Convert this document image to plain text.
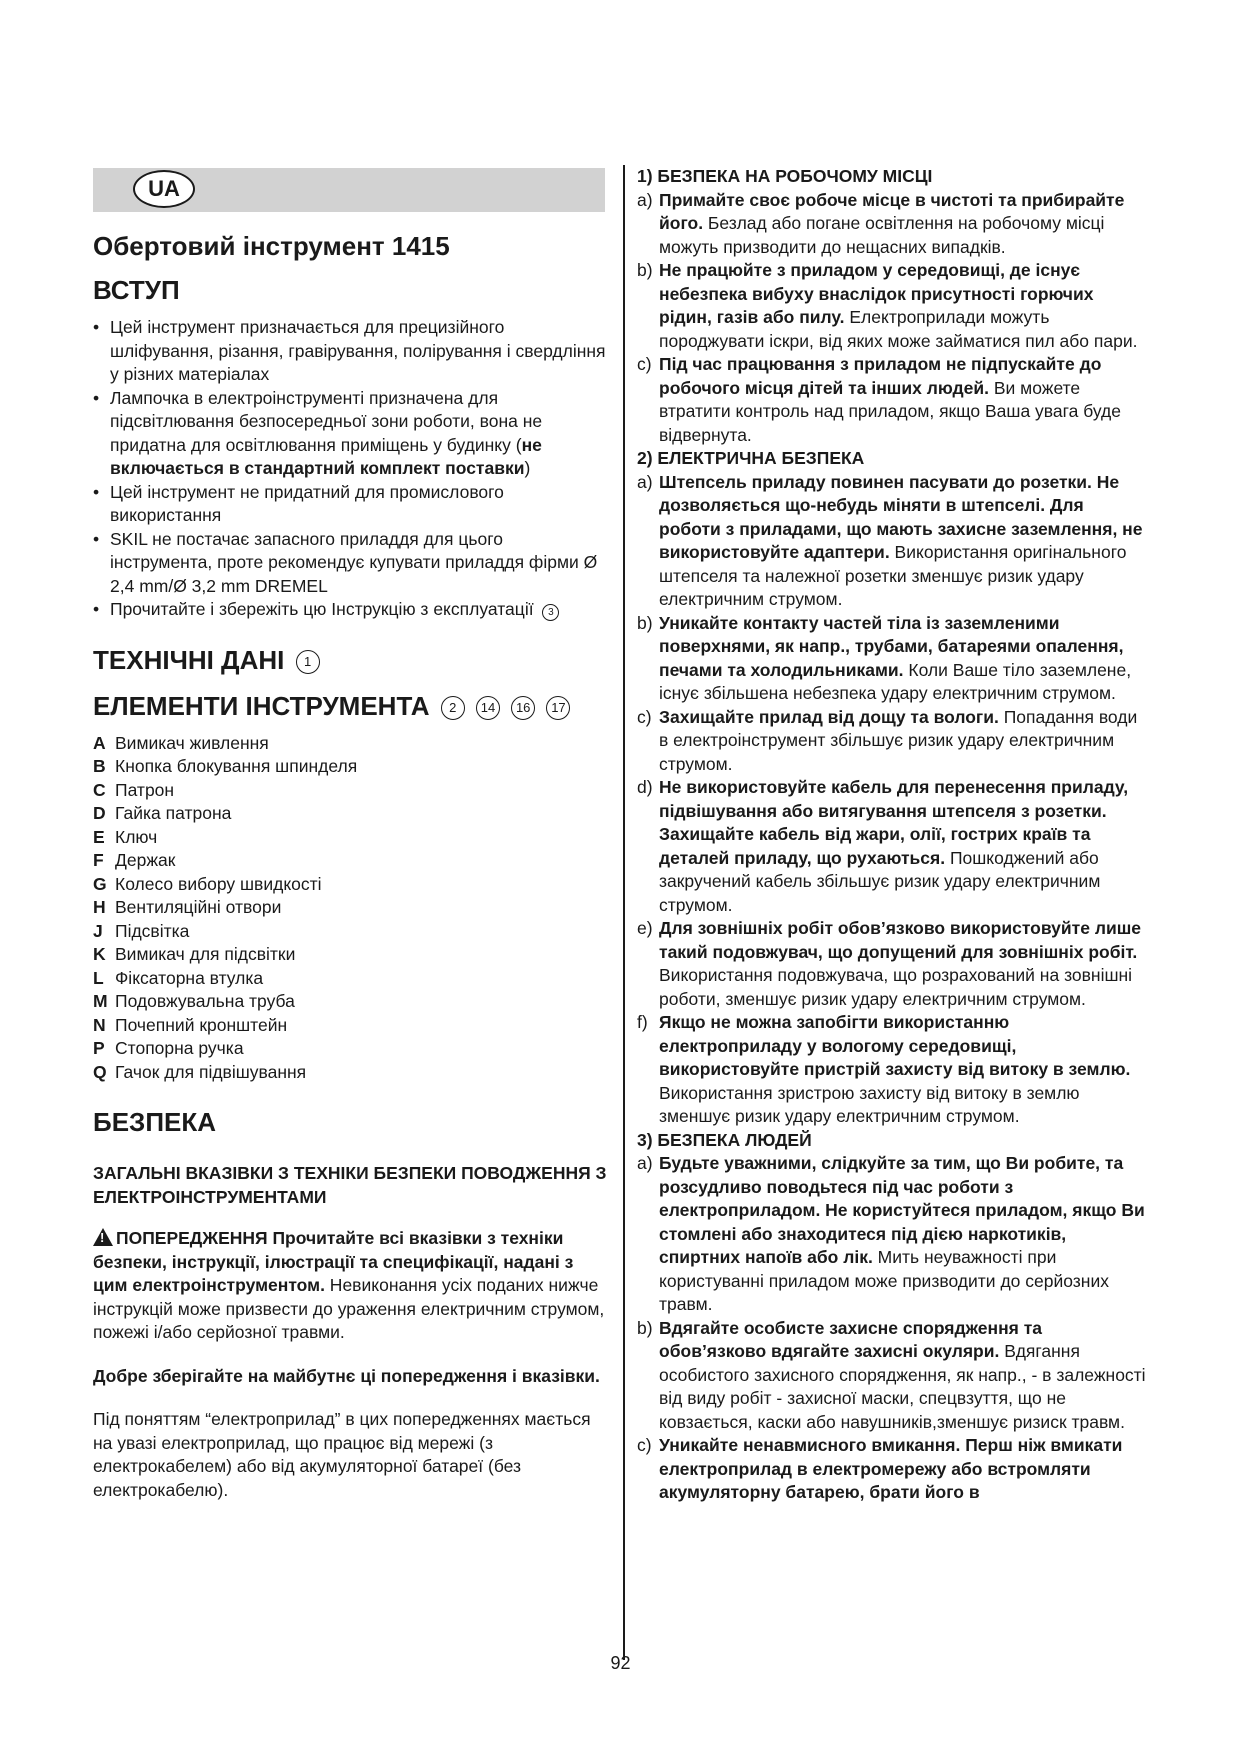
UA
Обертовий інструмент 1415
ВСТУП
• Цей інструмент призначається для прецизійного шліфування, різання, гравірування, полірування і свердління у різних матеріалах
• Лампочка в електроінструменті призначена для підсвітлювання безпосередньої зони роботи, вона не придатна для освітлювання приміщень у будинку (не включається в стандартний комплект поставки)
• Цей інструмент не придатний для промислового використання
• SKIL не постачає запасного приладдя для цього інструмента, проте рекомендує купувати приладдя фірми Ø 2,4 mm/Ø 3,2 mm DREMEL
• Прочитайте і збережіть цю Інструкцію з експлуатації 3
ТЕХНІЧНІ ДАНІ 1
ЕЛЕМЕНТИ ІНСТРУМЕНТА 2 14 16 17
A Вимикач живлення
B Кнопка блокування шпинделя
C Патрон
D Гайка патрона
E Ключ
F Держак
G Колесо вибору швидкості
H Вентиляційні отвори
J Підсвітка
K Вимикач для підсвітки
L Фіксаторна втулка
M Подовжувальна труба
N Почепний кронштейн
P Стопорна ручка
Q Гачок для підвішування
БЕЗПЕКА
ЗАГАЛЬНІ ВКАЗІВКИ З ТЕХНІКИ БЕЗПЕКИ ПОВОДЖЕННЯ З ЕЛЕКТРОІНСТРУМЕНТАМИ
!ПОПЕРЕДЖЕННЯ Прочитайте всі вказівки з техніки безпеки, інструкції, ілюстрації та специфікації, надані з цим електроінструментом. Невиконання усіх поданих нижче інструкцій може призвести до ураження електричним струмом, пожежі і/або серйозної травми.
Добре зберігайте на майбутнє ці попередження і вказівки.
Під поняттям “електроприлад” в цих попередженнях мається на увазі електроприлад, що працює від мережі (з електрокабелем) або від акумуляторної батареї (без електрокабелю).
1) БЕЗПЕКА НА РОБОЧОМУ МІСЦІ
a) Примайте своє робоче місце в чистоті та прибирайте його. Безлад або погане освітлення на робочому місці можуть призводити до нещасних випадків.
b) Не працюйте з приладом у середовищі, де існує небезпека вибуху внаслідок присутності горючих рідин, газів або пилу. Електроприлади можуть породжувати іскри, від яких може займатися пил або пари.
c) Під час працювання з приладом не підпускайте до робочого місця дітей та інших людей. Ви можете втратити контроль над приладом, якщо Ваша увага буде відвернута.
2) ЕЛЕКТРИЧНА БЕЗПЕКА
a) Штепсель приладу повинен пасувати до розетки. Не дозволяється що-небудь міняти в штепселі. Для роботи з приладами, що мають захисне заземлення, не використовуйте адаптери. Використання оригінального штепселя та належної розетки зменшує ризик удару електричним струмом.
b) Уникайте контакту частей тіла із заземленими поверхнями, як напр., трубами, батареями опалення, печами та холодильниками. Коли Ваше тіло заземлене, існує збільшена небезпека удару електричним струмом.
c) Захищайте прилад від дощу та вологи. Попадання води в електроінструмент збільшує ризик удару електричним струмом.
d) Не використовуйте кабель для перенесення приладу, підвішування або витягування штепселя з розетки. Захищайте кабель від жари, олії, гострих країв та деталей приладу, що рухаються. Пошкоджений або закручений кабель збільшує ризик удару електричним струмом.
e) Для зовнішніх робіт обов’язково використовуйте лише такий подовжувач, що допущений для зовнішніх робіт. Використання подовжувача, що розрахований на зовнішні роботи, зменшує ризик удару електричним струмом.
f) Якщо не можна запобігти використанню електроприладу у вологому середовищі, використовуйте пристрій захисту від витоку в землю. Використання зристрою захисту від витоку в землю зменшує ризик удару електричним струмом.
3) БЕЗПЕКА ЛЮДЕЙ
a) Будьте уважними, слідкуйте за тим, що Ви робите, та розсудливо поводьтеся під час роботи з електроприладом. Не користуйтеся приладом, якщо Ви стомлені або знаходитеся під дією наркотиків, спиртних напоїв або лік. Мить неуважності при користуванні приладом може призводити до серйозних травм.
b) Вдягайте особисте захисне спорядження та обов’язково вдягайте захисні окуляри. Вдягання особистого захисного спорядження, як напр., - в залежності від виду робіт - захисної маски, спецвзуття, що не ковзається, каски або навушників,зменшує ризиск травм.
c) Уникайте ненавмисного вмикання. Перш ніж вмикати електроприлад в електромережу або встромляти акумуляторну батарею, брати його в
92
